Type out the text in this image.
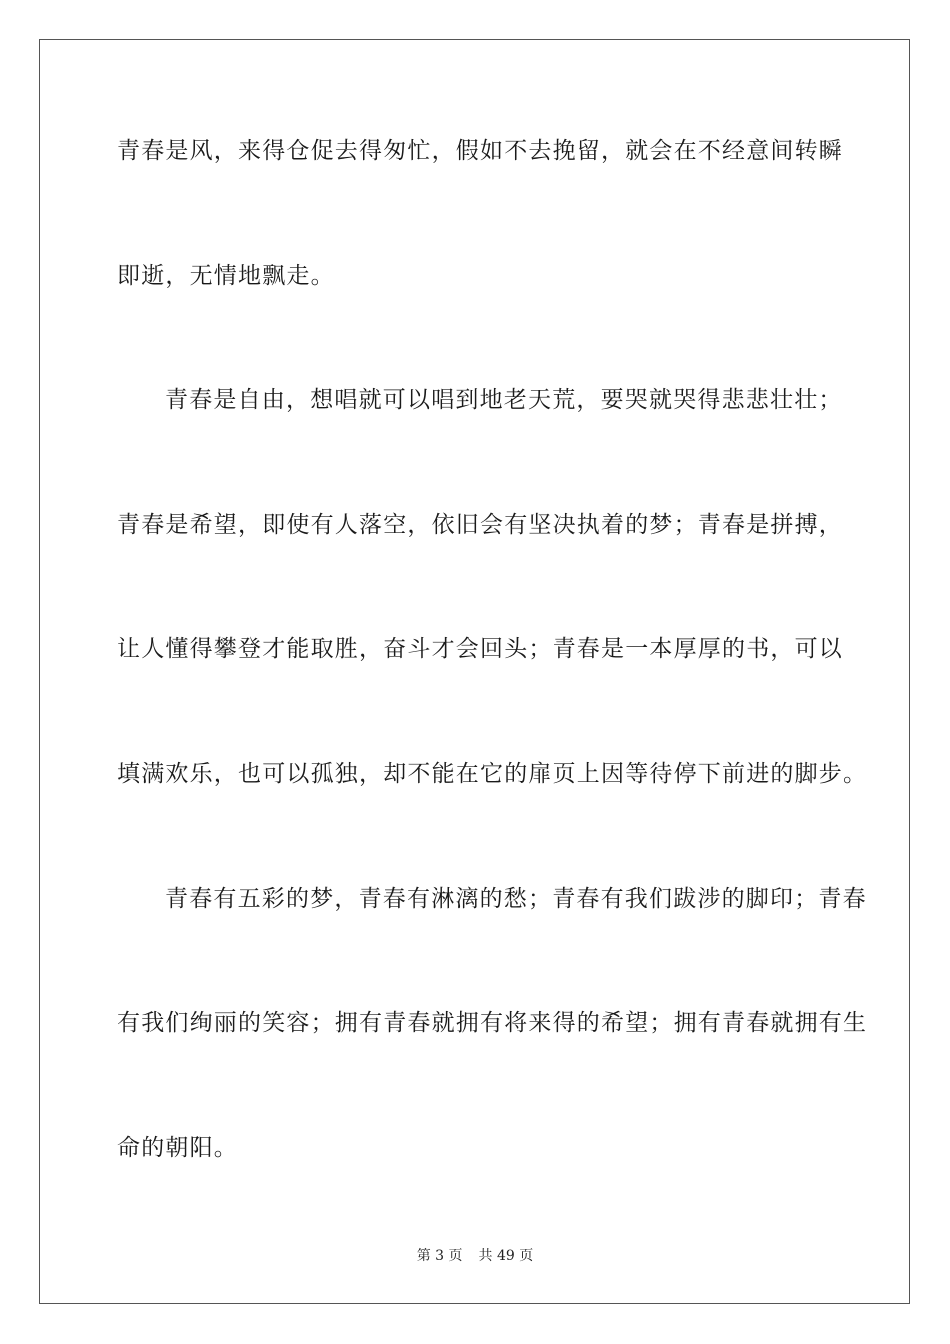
青春是风，来得仓促去得匆忙，假如不去挽留，就会在不经意间转瞬
即逝，无情地飘走。
青春是自由，想唱就可以唱到地老天荒，要哭就哭得悲悲壮壮；
青春是希望，即使有人落空，依旧会有坚决执着的梦；青春是拼搏，
让人懂得攀登才能取胜，奋斗才会回头；青春是一本厚厚的书，可以
填满欢乐，也可以孤独，却不能在它的扉页上因等待停下前进的脚步。
青春有五彩的梦，青春有淋漓的愁；青春有我们跋涉的脚印；青春
有我们绚丽的笑容；拥有青春就拥有将来得的希望；拥有青春就拥有生
命的朝阳。
第 3 页 共 49 页
